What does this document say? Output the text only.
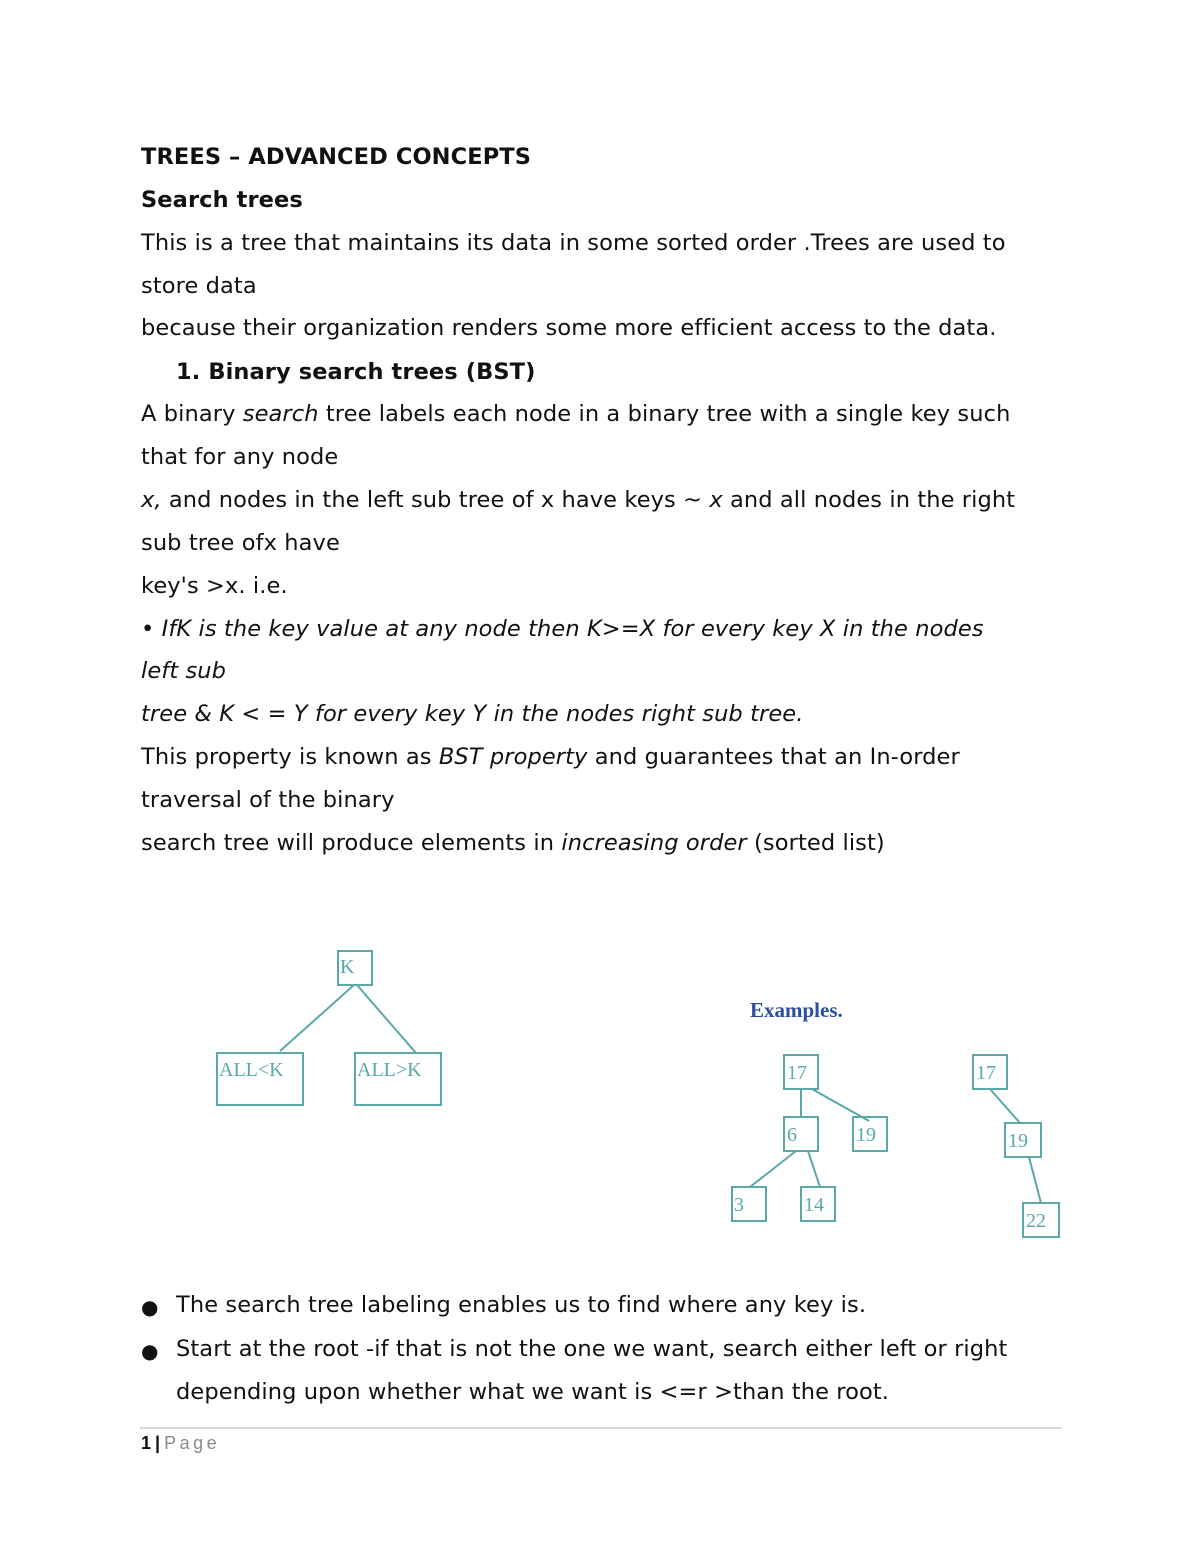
TREES – ADVANCED CONCEPTS
Search trees
This is a tree that maintains its data in some sorted order .Trees are used to
store data
because their organization renders some more efficient access to the data.
1. Binary search trees (BST)
A binary search tree labels each node in a binary tree with a single key such
that for any node
x, and nodes in the left sub tree of x have keys ~ x and all nodes in the right
sub tree ofx have
key's >x. i.e.
• IfK is the key value at any node then K>=X for every key X in the nodes
left sub
tree & K < = Y for every key Y in the nodes right sub tree.
This property is known as BST property and guarantees that an In-order
traversal of the binary
search tree will produce elements in increasing order (sorted list)
K
ALL<K	ALL>K
Examples.
17
6	19
3	14
17
19
22
● The search tree labeling enables us to find where any key is.
● Start at the root -if that is not the one we want, search either left or right
depending upon whether what we want is <=r >than the root.
1 | Page
